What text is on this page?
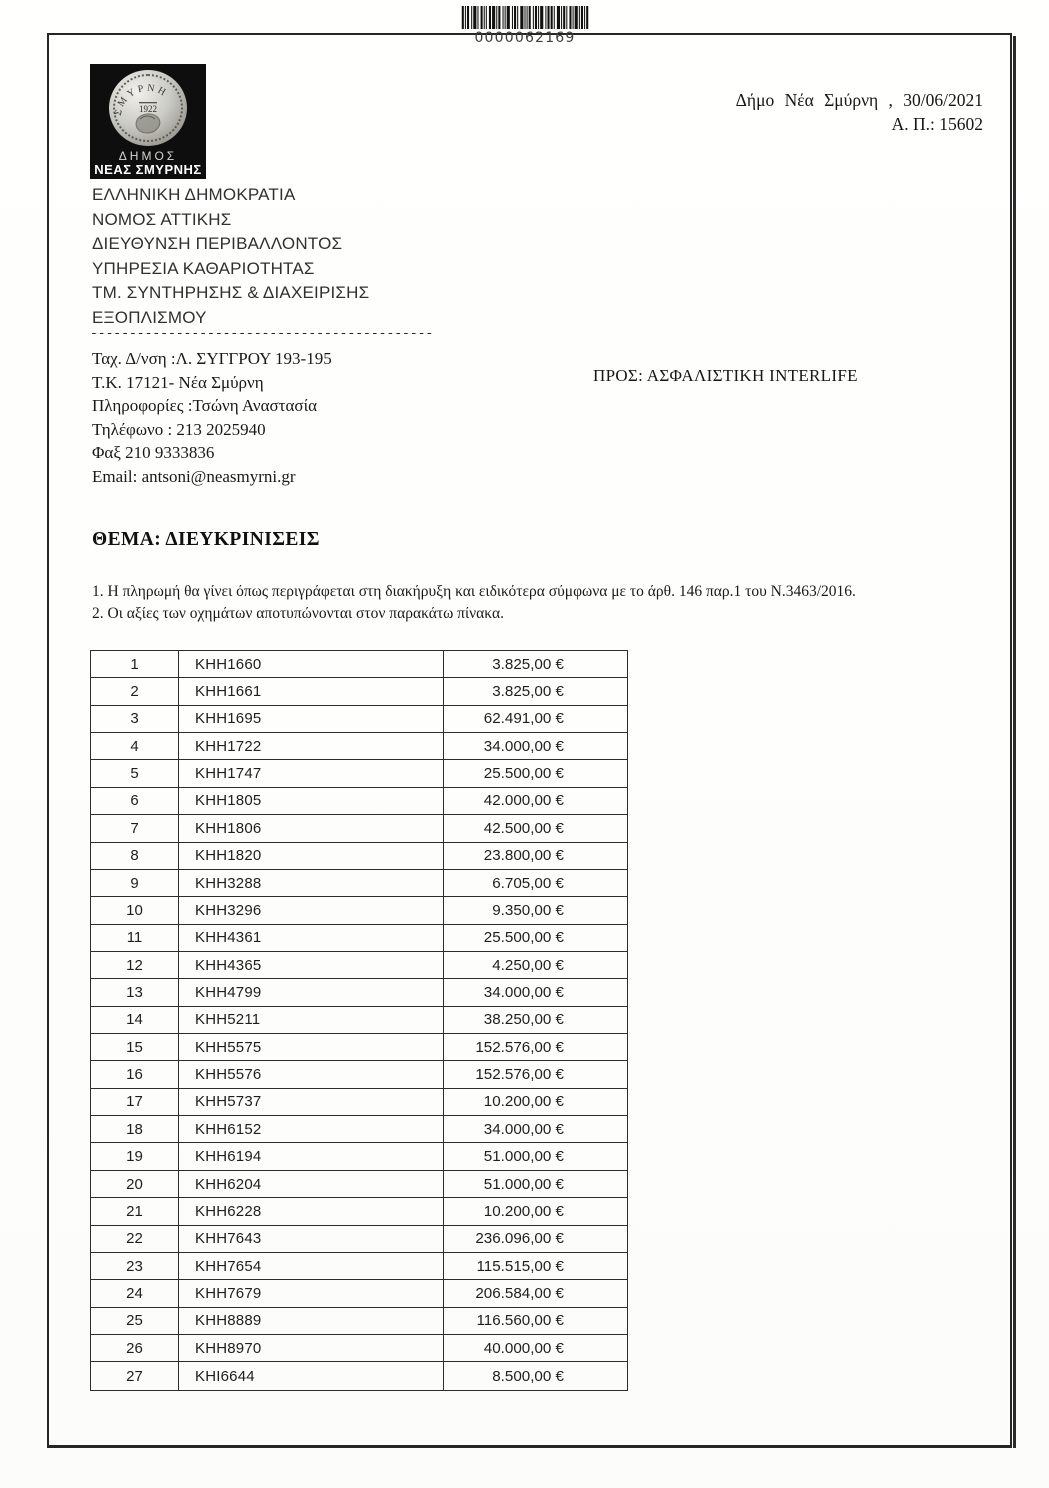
0000062169
ΣΜΥΡΝΗ
1922
ΔΗΜΟΣ
ΝΕΑΣ ΣΜΥΡΝΗΣ
Δήμο Νέα Σμύρνη , 30/06/2021
Α. Π.: 15602
ΕΛΛΗΝΙΚΗ ΔΗΜΟΚΡΑΤΙΑ
ΝΟΜΟΣ ΑΤΤΙΚΗΣ
ΔΙΕΥΘΥΝΣΗ ΠΕΡΙΒΑΛΛΟΝΤΟΣ
ΥΠΗΡΕΣΙΑ ΚΑΘΑΡΙΟΤΗΤΑΣ
ΤΜ. ΣΥΝΤΗΡΗΣΗΣ & ΔΙΑΧΕΙΡΙΣΗΣ
ΕΞΟΠΛΙΣΜΟΥ
--------------------------------------------
Ταχ. Δ/νση :Λ. ΣΥΓΓΡΟΥ 193-195
Τ.Κ. 17121- Νέα Σμύρνη
Πληροφορίες :Τσώνη Αναστασία
Τηλέφωνο : 213 2025940
Φαξ 210 9333836
Email: antsoni@neasmyrni.gr
ΠΡΟΣ: ΑΣΦΑΛΙΣΤΙΚΗ INTERLIFE
ΘΕΜΑ: ΔΙΕΥΚΡΙΝΙΣΕΙΣ
1. Η πληρωμή θα γίνει όπως περιγράφεται στη διακήρυξη και ειδικότερα σύμφωνα με το άρθ. 146 παρ.1 του Ν.3463/2016.
2. Οι αξίες των οχημάτων αποτυπώνονται στον παρακάτω πίνακα.
1	ΚΗΗ1660	3.825,00 €
2	ΚΗΗ1661	3.825,00 €
3	ΚΗΗ1695	62.491,00 €
4	ΚΗΗ1722	34.000,00 €
5	ΚΗΗ1747	25.500,00 €
6	ΚΗΗ1805	42.000,00 €
7	ΚΗΗ1806	42.500,00 €
8	ΚΗΗ1820	23.800,00 €
9	ΚΗΗ3288	6.705,00 €
10	ΚΗΗ3296	9.350,00 €
11	ΚΗΗ4361	25.500,00 €
12	ΚΗΗ4365	4.250,00 €
13	ΚΗΗ4799	34.000,00 €
14	ΚΗΗ5211	38.250,00 €
15	ΚΗΗ5575	152.576,00 €
16	ΚΗΗ5576	152.576,00 €
17	ΚΗΗ5737	10.200,00 €
18	ΚΗΗ6152	34.000,00 €
19	ΚΗΗ6194	51.000,00 €
20	ΚΗΗ6204	51.000,00 €
21	ΚΗΗ6228	10.200,00 €
22	ΚΗΗ7643	236.096,00 €
23	ΚΗΗ7654	115.515,00 €
24	ΚΗΗ7679	206.584,00 €
25	ΚΗΗ8889	116.560,00 €
26	ΚΗΗ8970	40.000,00 €
27	ΚΗΙ6644	8.500,00 €
